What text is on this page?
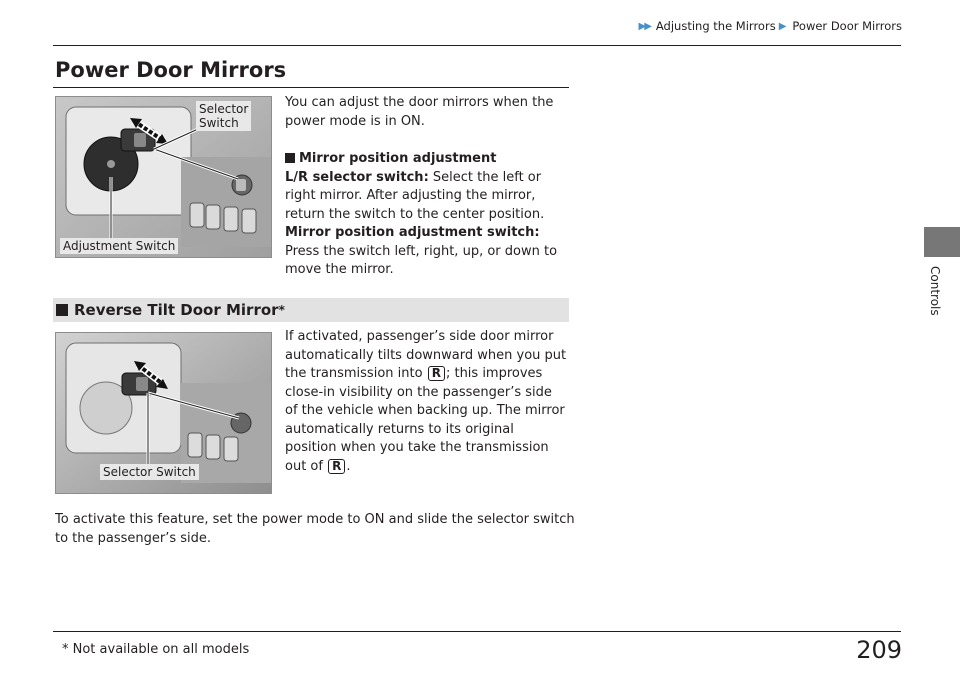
▶▶ Adjusting the Mirrors ▶ Power Door Mirrors
Controls
Power Door Mirrors
Selector
Switch
Adjustment Switch
You can adjust the door mirrors when the power mode is in ON.
Mirror position adjustment
L/R selector switch: Select the left or right mirror. After adjusting the mirror, return the switch to the center position.
Mirror position adjustment switch: Press the switch left, right, up, or down to move the mirror.
Reverse Tilt Door Mirror *
Selector Switch
If activated, passenger’s side door mirror automatically tilts downward when you put the transmission into R ; this improves close-in visibility on the passenger’s side of the vehicle when backing up. The mirror automatically returns to its original position when you take the transmission out of R .
To activate this feature, set the power mode to ON and slide the selector switch to the passenger’s side.
* Not available on all models	209
